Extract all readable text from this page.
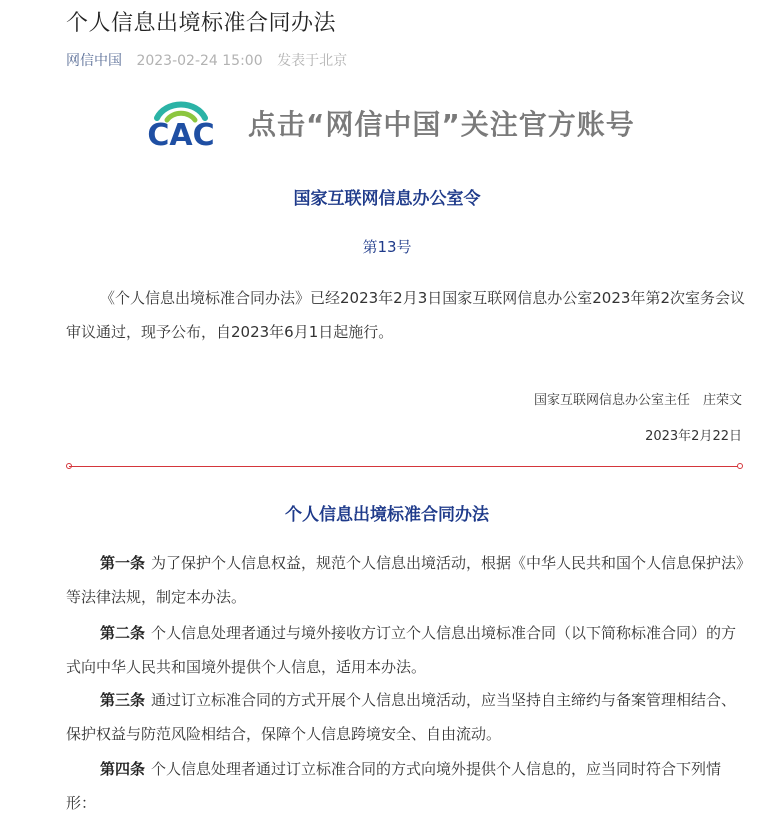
个人信息出境标准合同办法
网信中国 2023-02-24 15:00 发表于北京
CAC 点击“网信中国”关注官方账号
国家互联网信息办公室令
第13号

《个人信息出境标准合同办法》已经2023年2月3日国家互联网信息办公室2023年第2次室务会议审议通过，现予公布，自2023年6月1日起施行。

国家互联网信息办公室主任　庄荣文
2023年2月22日
个人信息出境标准合同办法

第一条 为了保护个人信息权益，规范个人信息出境活动，根据《中华人民共和国个人信息保护法》等法律法规，制定本办法。

第二条 个人信息处理者通过与境外接收方订立个人信息出境标准合同（以下简称标准合同）的方式向中华人民共和国境外提供个人信息，适用本办法。

第三条 通过订立标准合同的方式开展个人信息出境活动，应当坚持自主缔约与备案管理相结合、保护权益与防范风险相结合，保障个人信息跨境安全、自由流动。

第四条 个人信息处理者通过订立标准合同的方式向境外提供个人信息的，应当同时符合下列情形：
